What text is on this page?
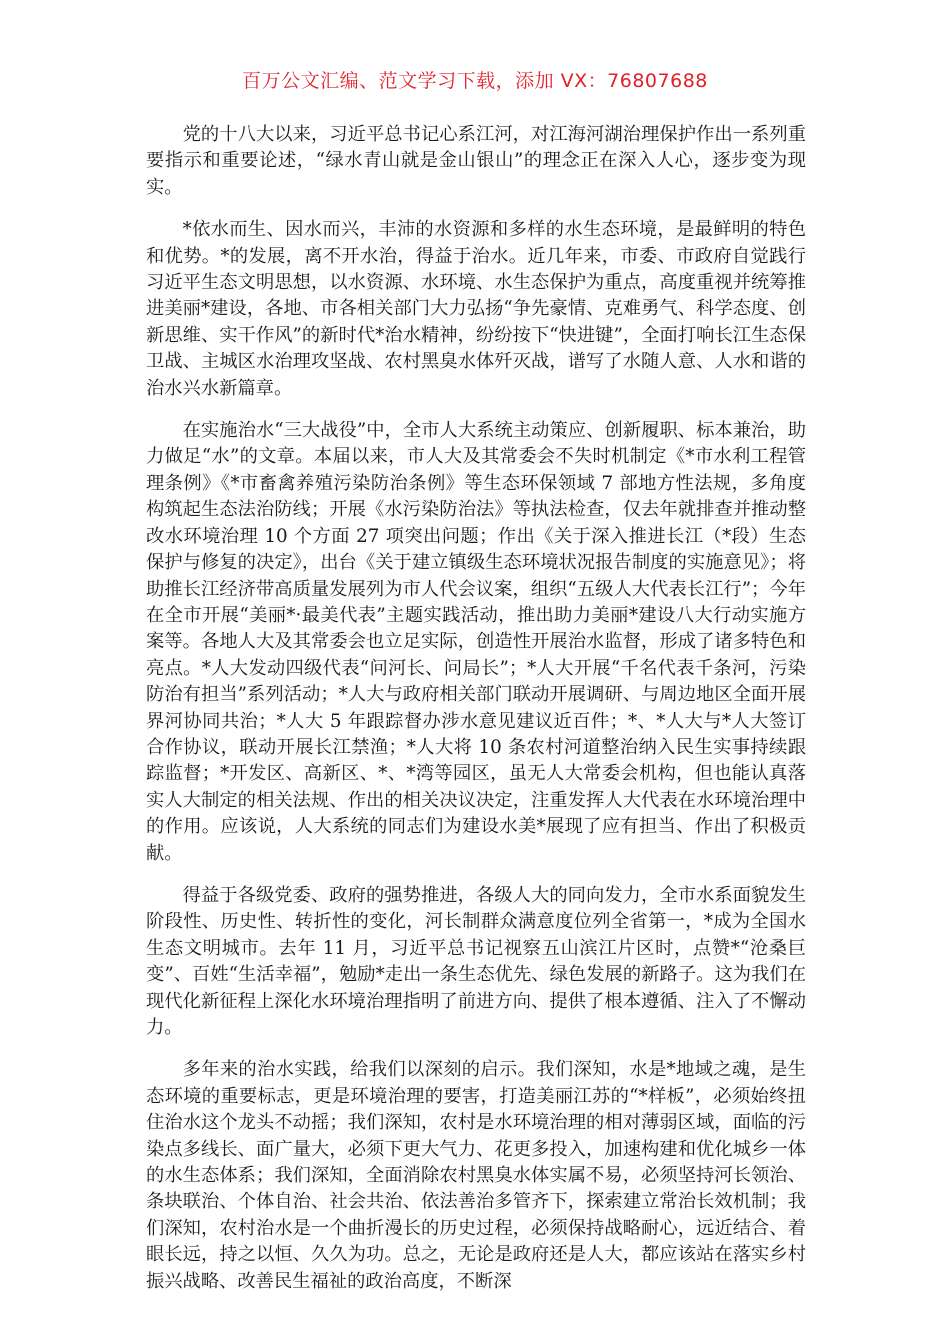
百万公文汇编、范文学习下载，添加 VX：76807688

党的十八大以来，习近平总书记心系江河，对江海河湖治理保护作出一系列重要指示和重要论述，“绿水青山就是金山银山”的理念正在深入人心，逐步变为现实。

*依水而生、因水而兴，丰沛的水资源和多样的水生态环境，是最鲜明的特色和优势。*的发展，离不开水治，得益于治水。近几年来，市委、市政府自觉践行习近平生态文明思想，以水资源、水环境、水生态保护为重点，高度重视并统筹推进美丽*建设，各地、市各相关部门大力弘扬“争先豪情、克难勇气、科学态度、创新思维、实干作风”的新时代*治水精神，纷纷按下“快进键”，全面打响长江生态保卫战、主城区水治理攻坚战、农村黑臭水体歼灭战，谱写了水随人意、人水和谐的治水兴水新篇章。

在实施治水“三大战役”中，全市人大系统主动策应、创新履职、标本兼治，助力做足“水”的文章。本届以来，市人大及其常委会不失时机制定《*市水利工程管理条例》《*市畜禽养殖污染防治条例》等生态环保领域 7 部地方性法规，多角度构筑起生态法治防线；开展《水污染防治法》等执法检查，仅去年就排查并推动整改水环境治理 10 个方面 27 项突出问题；作出《关于深入推进长江（*段）生态保护与修复的决定》，出台《关于建立镇级生态环境状况报告制度的实施意见》；将助推长江经济带高质量发展列为市人代会议案，组织“五级人大代表长江行”；今年在全市开展“美丽*·最美代表”主题实践活动，推出助力美丽*建设八大行动实施方案等。各地人大及其常委会也立足实际，创造性开展治水监督，形成了诸多特色和亮点。*人大发动四级代表“问河长、问局长”；*人大开展“千名代表千条河，污染防治有担当”系列活动；*人大与政府相关部门联动开展调研、与周边地区全面开展界河协同共治；*人大 5 年跟踪督办涉水意见建议近百件；*、*人大与*人大签订合作协议，联动开展长江禁渔；*人大将 10 条农村河道整治纳入民生实事持续跟踪监督；*开发区、高新区、*、*湾等园区，虽无人大常委会机构，但也能认真落实人大制定的相关法规、作出的相关决议决定，注重发挥人大代表在水环境治理中的作用。应该说，人大系统的同志们为建设水美*展现了应有担当、作出了积极贡献。

得益于各级党委、政府的强势推进，各级人大的同向发力，全市水系面貌发生阶段性、历史性、转折性的变化，河长制群众满意度位列全省第一，*成为全国水生态文明城市。去年 11 月，习近平总书记视察五山滨江片区时，点赞*“沧桑巨变”、百姓“生活幸福”，勉励*走出一条生态优先、绿色发展的新路子。这为我们在现代化新征程上深化水环境治理指明了前进方向、提供了根本遵循、注入了不懈动力。

多年来的治水实践，给我们以深刻的启示。我们深知，水是*地域之魂，是生态环境的重要标志，更是环境治理的要害，打造美丽江苏的“*样板”，必须始终扭住治水这个龙头不动摇；我们深知，农村是水环境治理的相对薄弱区域，面临的污染点多线长、面广量大，必须下更大气力、花更多投入，加速构建和优化城乡一体的水生态体系；我们深知，全面消除农村黑臭水体实属不易，必须坚持河长领治、条块联治、个体自治、社会共治、依法善治多管齐下，探索建立常治长效机制；我们深知，农村治水是一个曲折漫长的历史过程，必须保持战略耐心，远近结合、着眼长远，持之以恒、久久为功。总之，无论是政府还是人大，都应该站在落实乡村振兴战略、改善民生福祉的政治高度，不断深
